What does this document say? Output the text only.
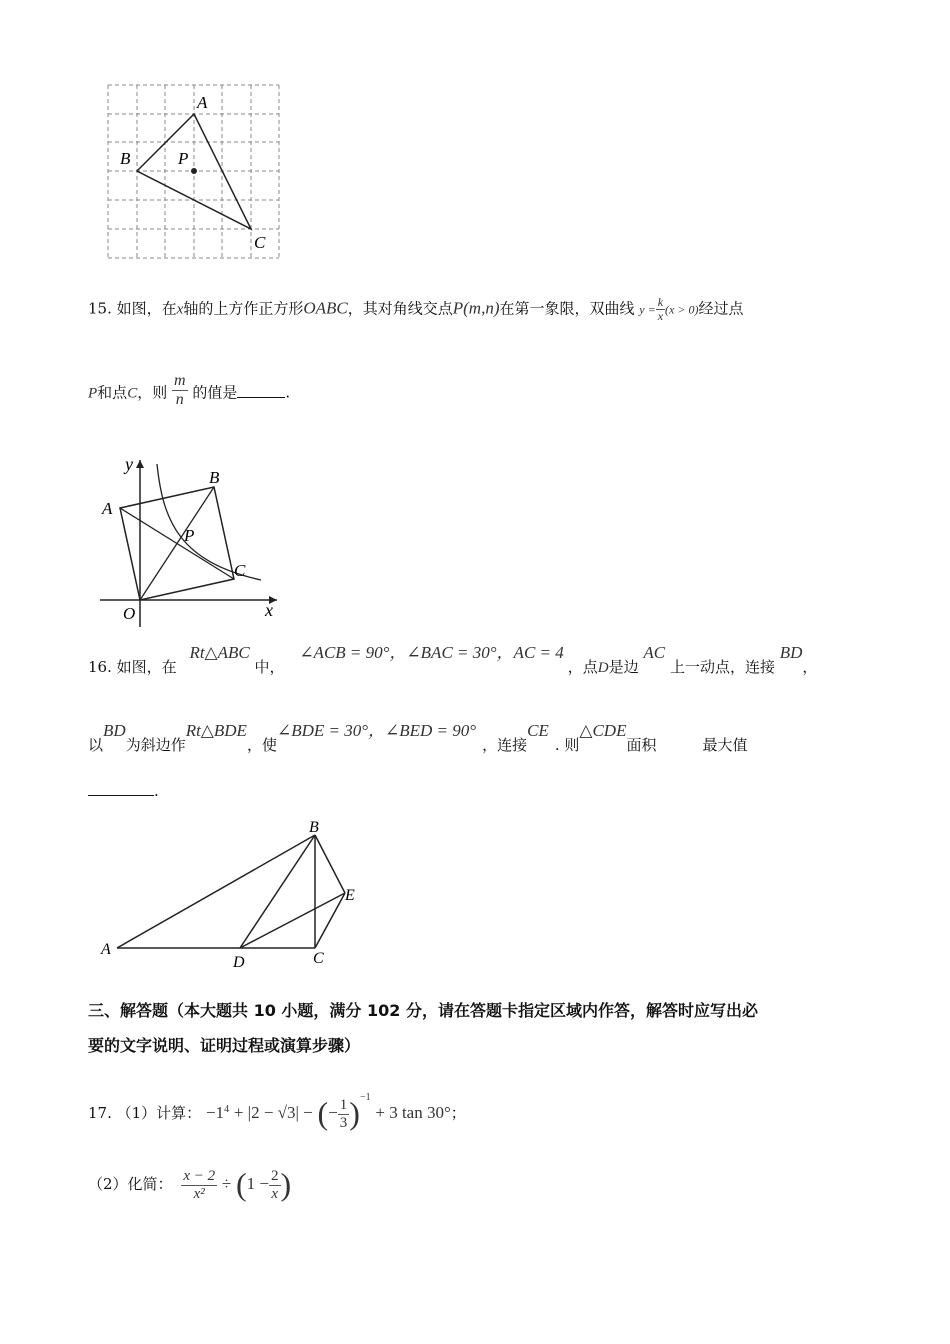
A
B	P
C
15. 如图，在x轴的上方作正方形OABC，其对角线交点P(m,n)在第一象限，双曲线 $y = \frac{k}{x} (x > 0)$经过点
P和点C，则 $\frac{m}{n}$ 的值是	.
y
x
A
B
P
C
O
16. 如图，在 Rt△ABC 中， ∠ACB = 90°，∠BAC = 30°，AC = 4，点D是边 AC 上一动点，连接 BD，
以BD为斜边作Rt△BDE，使∠BDE = 30°，∠BED = 90°，连接CE. 则△CDE面积	最大值
.
A
B
E
D	C
三、解答题（本大题共 10 小题，满分 102 分，请在答题卡指定区域内作答，解答时应写出必
要的文字说明、证明过程或演算步骤）
17. （1）计算： $-1^4 + |2 - √3|$ − (− $\frac{1}{3} )^{-1} + 3$ tan 30°；
（2）化简： $\frac{x - 2}{\text{x²}} \div (1 - \frac{2}{x}$ )
